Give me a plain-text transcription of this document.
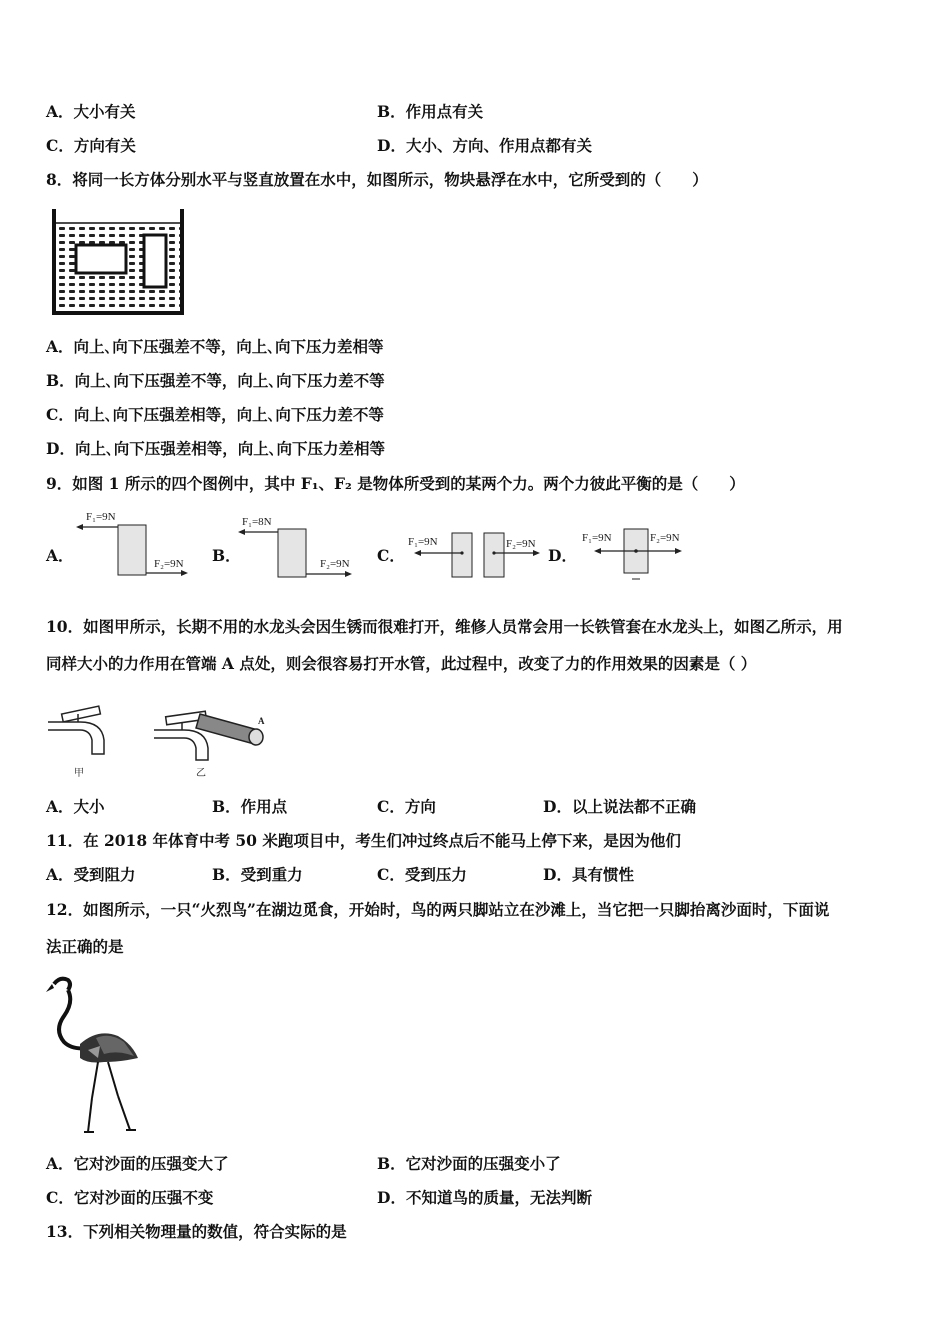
A．大小有关	B．作用点有关
C．方向有关	D．大小、方向、作用点都有关
8．将同一长方体分别水平与竖直放置在水中，如图所示，物块悬浮在水中，它所受到的（　　）
A．向上､向下压强差不等，向上､向下压力差相等
B．向上､向下压强差不等，向上､向下压力差不等
C．向上､向下压强差相等，向上､向下压力差不等
D．向上､向下压强差相等，向上､向下压力差相等
9．如图 1 所示的四个图例中，其中 F₁、F₂ 是物体所受到的某两个力。两个力彼此平衡的是（　　）
A．
F₁=9N
F₂=9N B．
F₁=8N
F₂=9N C．
F₁=9N	F₂=9N
D．
F₁=9N	F₂=9N
10．如图甲所示，长期不用的水龙头会因生锈而很难打开，维修人员常会用一长铁管套在水龙头上，如图乙所示，用
同样大小的力作用在管端 A 点处，则会很容易打开水管，此过程中，改变了力的作用效果的因素是（ ）
甲
A
乙
A．大小	B．作用点	C．方向	D．以上说法都不正确
11．在 2018 年体育中考 50 米跑项目中，考生们冲过终点后不能马上停下来，是因为他们
A．受到阻力	B．受到重力	C．受到压力	D．具有惯性
12．如图所示，一只“火烈鸟”在湖边觅食，开始时，鸟的两只脚站立在沙滩上，当它把一只脚抬离沙面时，下面说
法正确的是
A．它对沙面的压强变大了	B．它对沙面的压强变小了
C．它对沙面的压强不变	D．不知道鸟的质量，无法判断
13．下列相关物理量的数值，符合实际的是
